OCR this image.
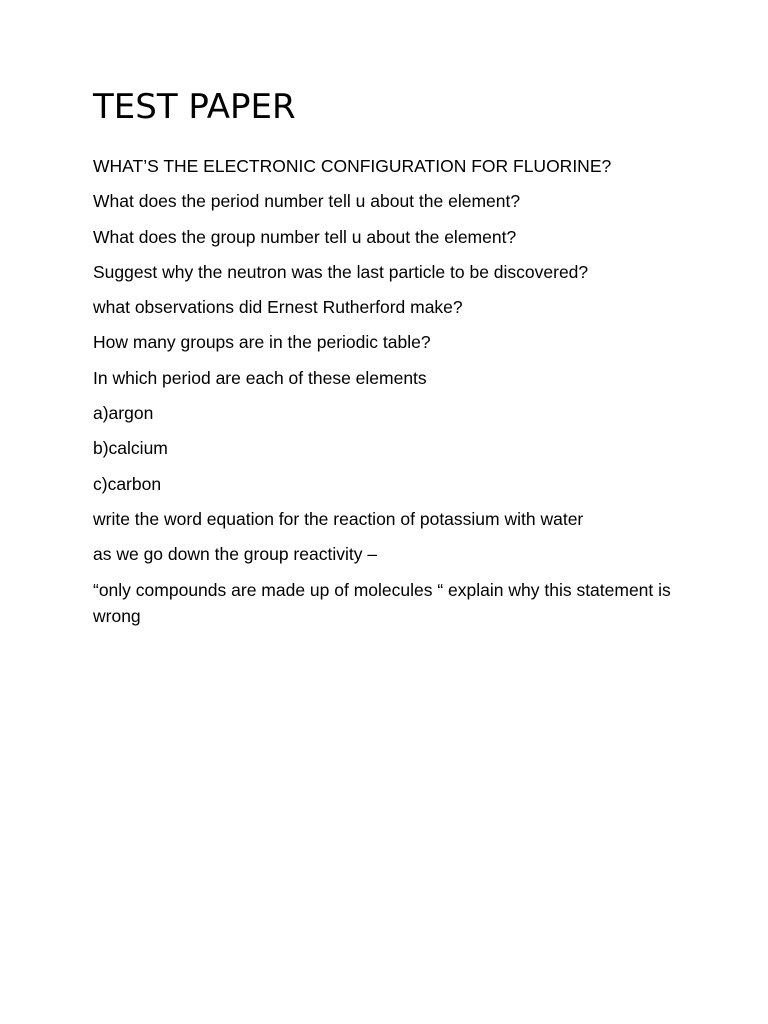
TEST PAPER
WHAT’S THE ELECTRONIC CONFIGURATION FOR FLUORINE?
What does the period number tell u about the element?
What does the group number tell u about the element?
Suggest why the neutron was the last particle to be discovered?
what observations did Ernest Rutherford make?
How many groups are in the periodic table?
In which period are each of these elements
a)argon
b)calcium
c)carbon
write the word equation for the reaction of potassium with water
as we go down the group reactivity –
“only compounds are made up of molecules “ explain why this statement is wrong
